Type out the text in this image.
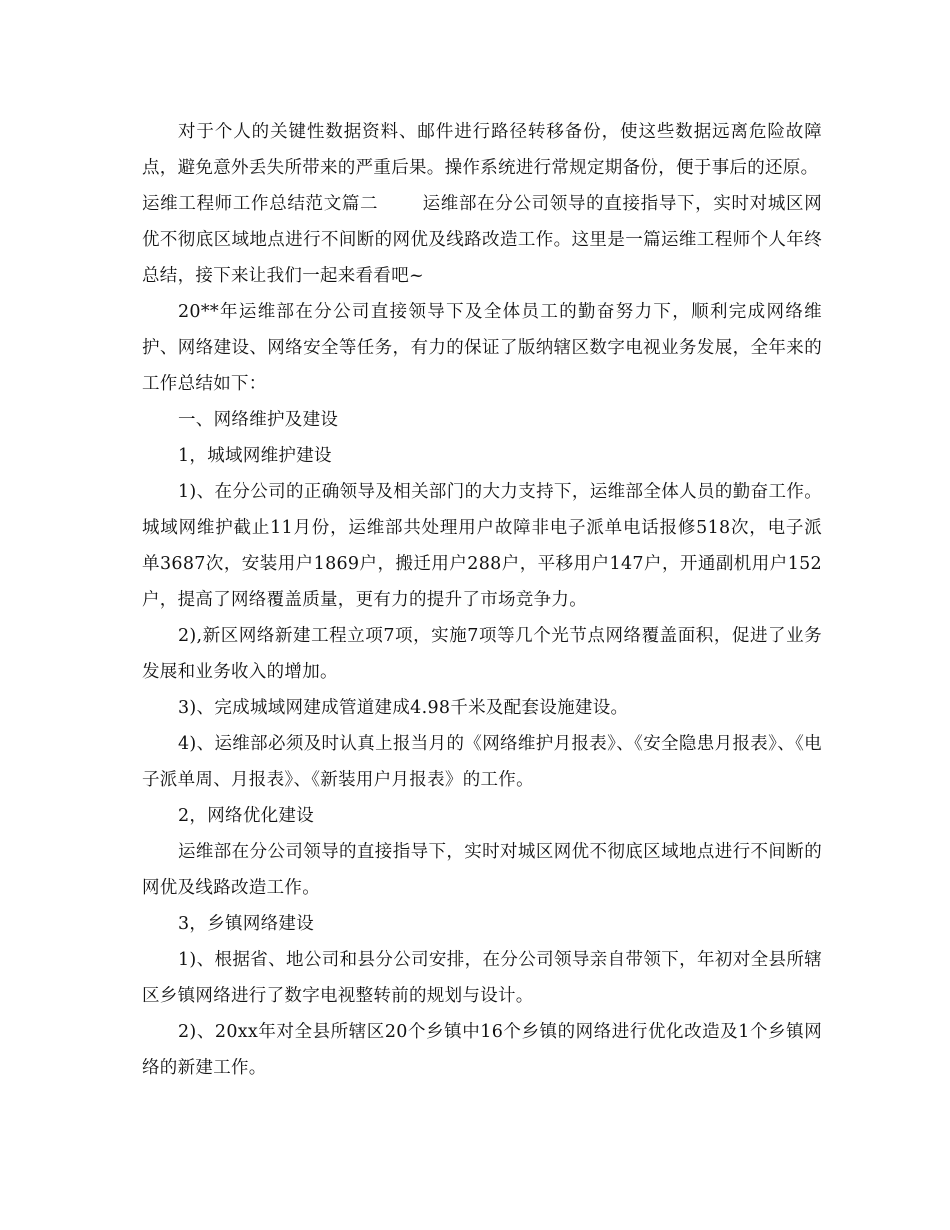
对于个人的关键性数据资料、邮件进行路径转移备份，使这些数据远离危险故障点，避免意外丢失所带来的严重后果。操作系统进行常规定期备份，便于事后的还原。

运维工程师工作总结范文篇二	运维部在分公司领导的直接指导下，实时对城区网优不彻底区域地点进行不间断的网优及线路改造工作。这里是一篇运维工程师个人年终总结，接下来让我们一起来看看吧~

20**年运维部在分公司直接领导下及全体员工的勤奋努力下，顺利完成网络维护、网络建设、网络安全等任务，有力的保证了版纳辖区数字电视业务发展，全年来的工作总结如下：

一、网络维护及建设

1，城域网维护建设

1)、在分公司的正确领导及相关部门的大力支持下，运维部全体人员的勤奋工作。城域网维护截止11月份，运维部共处理用户故障非电子派单电话报修518次，电子派单3687次，安装用户1869户，搬迁用户288户，平移用户147户，开通副机用户152户，提高了网络覆盖质量，更有力的提升了市场竞争力。

2),新区网络新建工程立项7项，实施7项等几个光节点网络覆盖面积，促进了业务发展和业务收入的增加。

3)、完成城域网建成管道建成4.98千米及配套设施建设。

4)、运维部必须及时认真上报当月的《网络维护月报表》、《安全隐患月报表》、《电子派单周、月报表》、《新装用户月报表》的工作。

2，网络优化建设

运维部在分公司领导的直接指导下，实时对城区网优不彻底区域地点进行不间断的网优及线路改造工作。

3，乡镇网络建设

1)、根据省、地公司和县分公司安排，在分公司领导亲自带领下，年初对全县所辖区乡镇网络进行了数字电视整转前的规划与设计。

2)、20xx年对全县所辖区20个乡镇中16个乡镇的网络进行优化改造及1个乡镇网络的新建工作。
